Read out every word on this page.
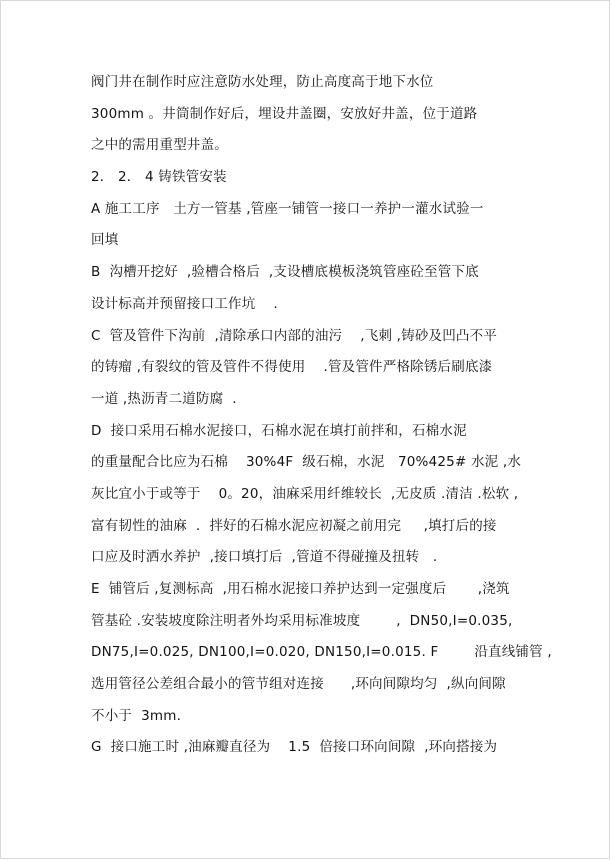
阀门井在制作时应注意防水处理，防止高度高于地下水位
300mm 。井筒制作好后，埋设井盖圈，安放好井盖，位于道路
之中的需用重型井盖。
2． 2． 4 铸铁管安装
A 施工工序   土方一管基 ,管座一铺管一接口一养护一灌水试验一
回填
B  沟槽开挖好  ,验槽合格后  ,支设槽底模板浇筑管座砼至管下底
设计标高并预留接口工作坑    .
C  管及管件下沟前  ,清除承口内部的油污    ,飞刺 ,铸砂及凹凸不平
的铸瘤 ,有裂纹的管及管件不得使用    .管及管件严格除锈后刷底漆
一道 ,热沥青二道防腐  .
D  接口采用石棉水泥接口，石棉水泥在填打前拌和，石棉水泥
的重量配合比应为石棉    30%4F  级石棉，水泥   70%425# 水泥 ,水
灰比宜小于或等于    0。20，油麻采用纤维较长  ,无皮质 .清洁 .松软 ,
富有韧性的油麻  .  拌好的石棉水泥应初凝之前用完     ,填打后的接
口应及时洒水养护  ,接口填打后  ,管道不得碰撞及扭转   .
E  铺管后 ,复测标高  ,用石棉水泥接口养护达到一定强度后       ,浇筑
管基砼 .安装坡度除注明者外均采用标准坡度        ,  DN50,I=0.035,
DN75,I=0.025, DN100,I=0.020, DN150,I=0.015. F        沿直线铺管 ,
选用管径公差组合最小的管节组对连接      ,环向间隙均匀  ,纵向间隙
不小于  3mm.
G  接口施工时 ,油麻瓣直径为    1.5  倍接口环向间隙  ,环向搭接为
